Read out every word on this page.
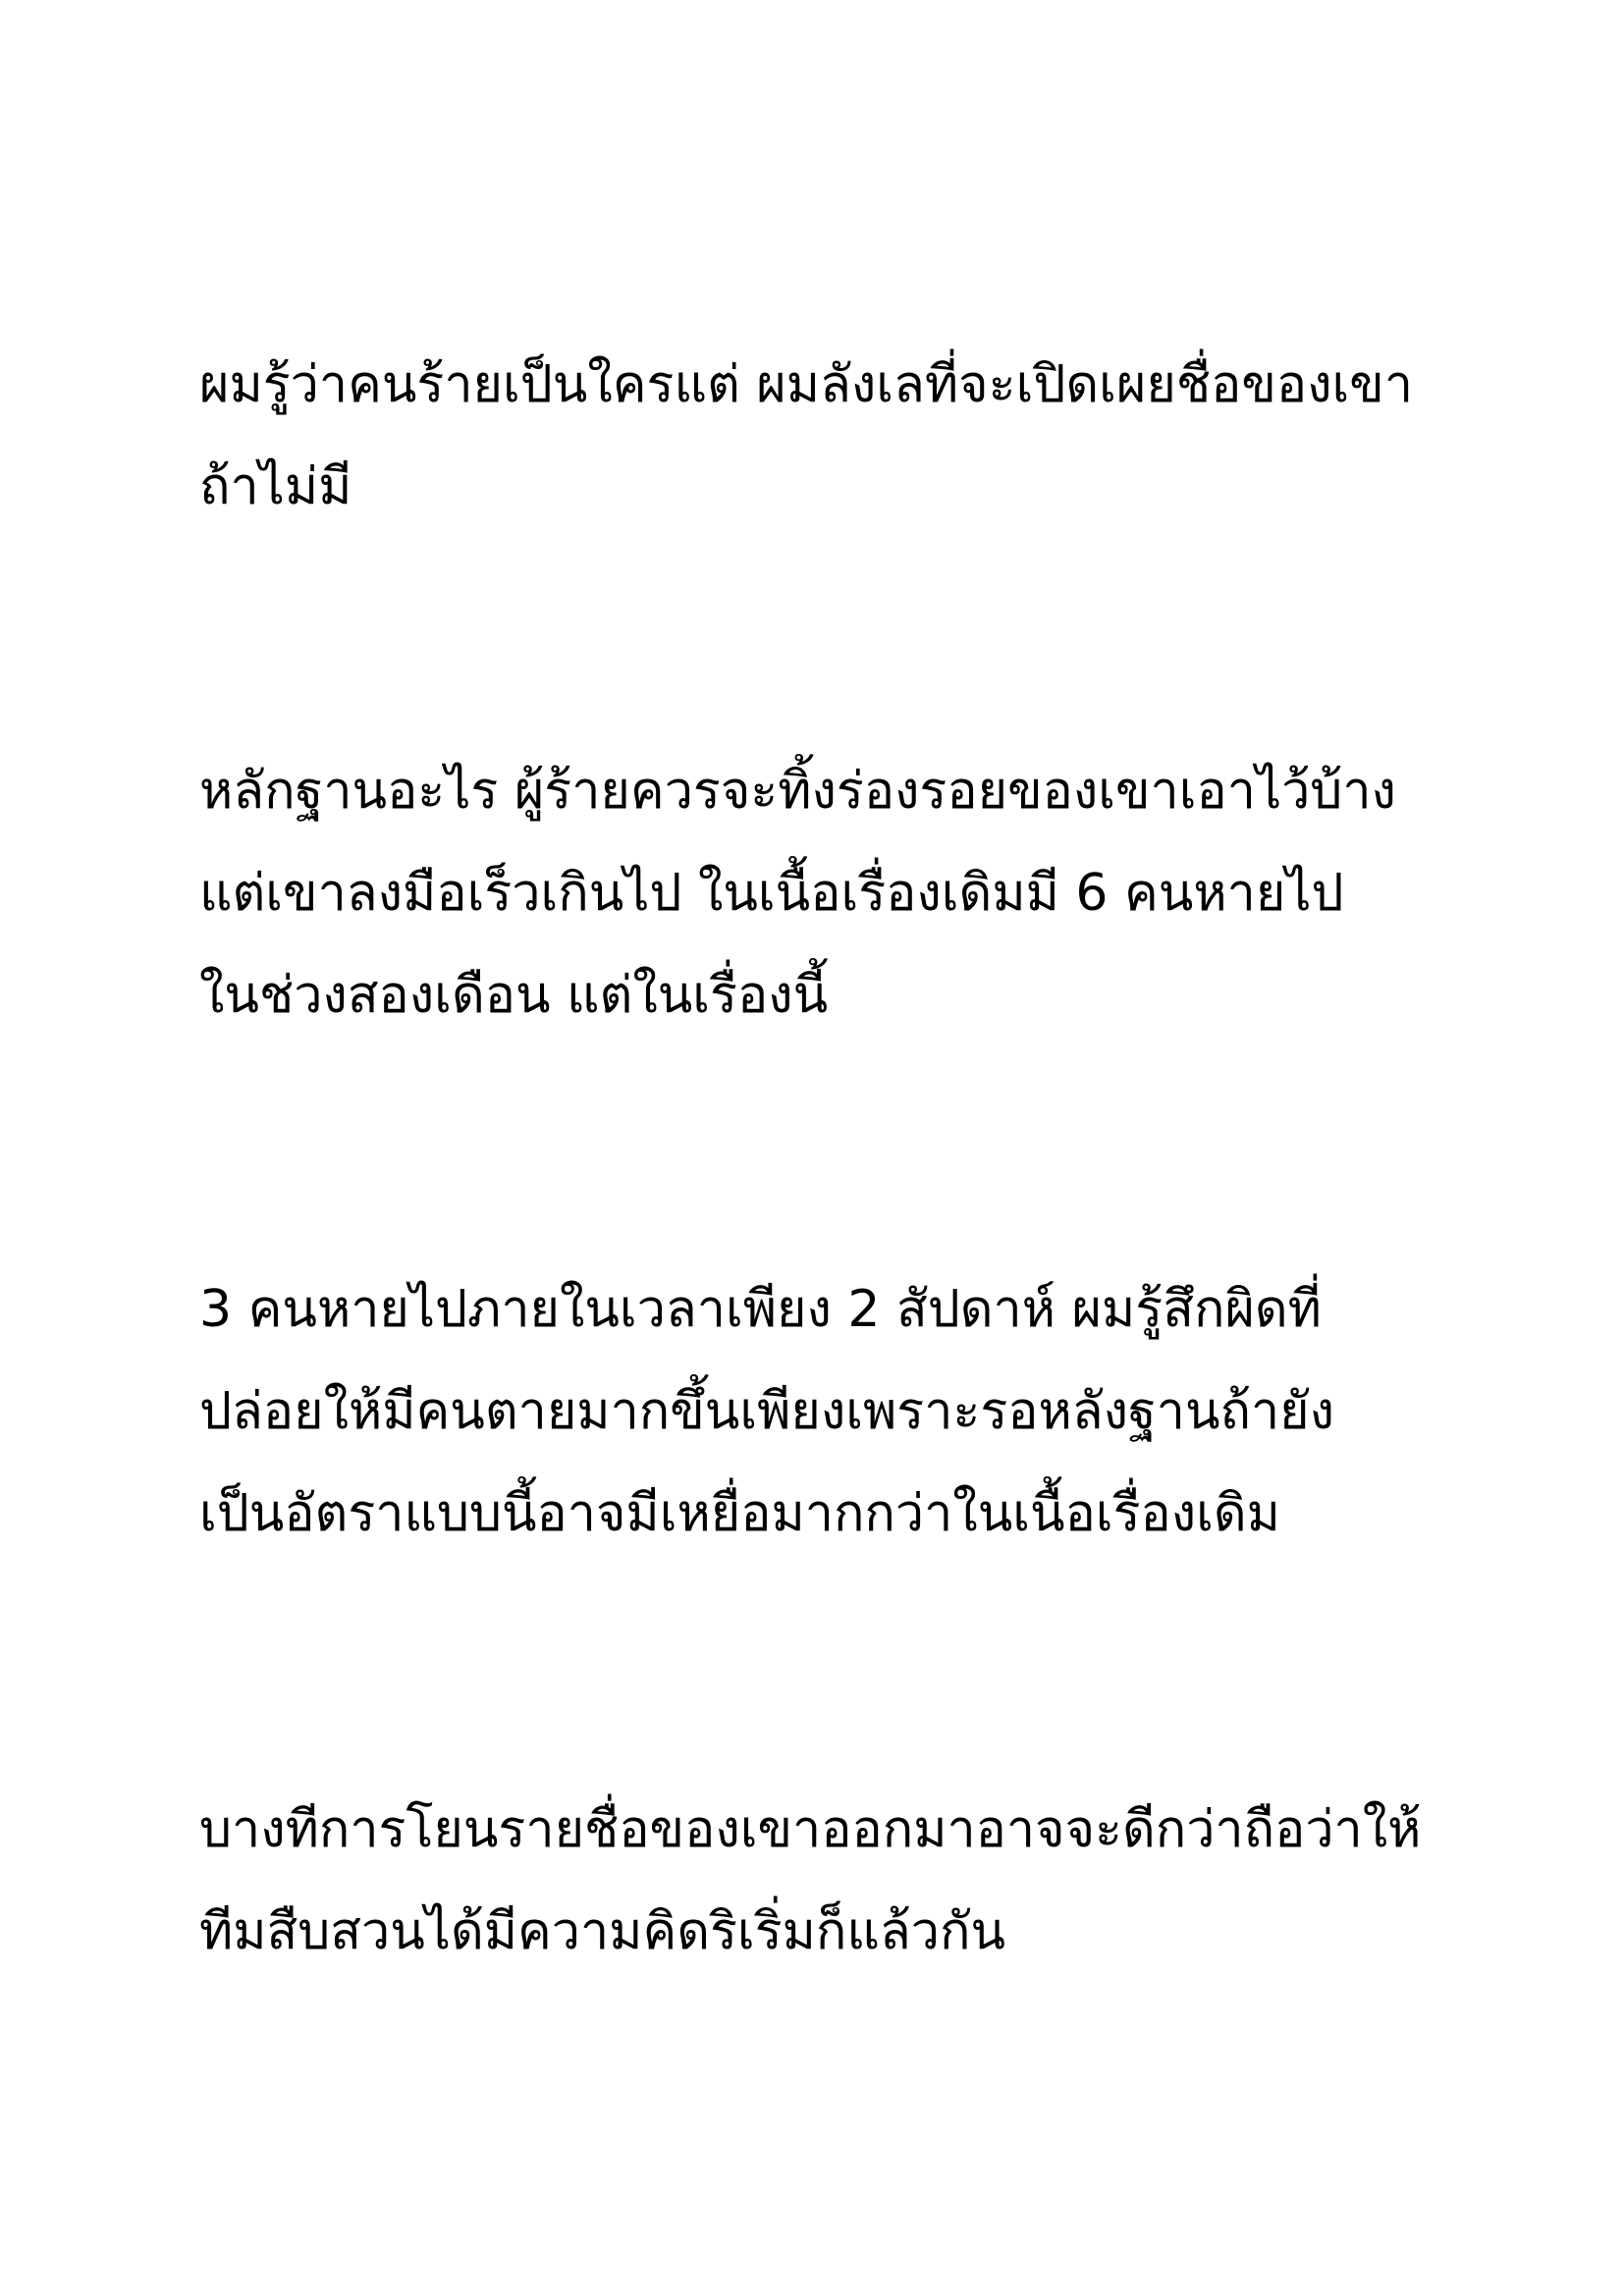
ผมรู้ว่าคนร้ายเป็นใครแต่ ผมลังเลที่จะเปิดเผยชื่อของเขา
ถ้าไม่มี
หลักฐานอะไร ผู้ร้ายควรจะทิ้งร่องรอยของเขาเอาไว้บ้าง
แต่เขาลงมือเร็วเกินไป ในเนื้อเรื่องเดิมมี 6 คนหายไป
ในช่วงสองเดือน แต่ในเรื่องนี้
3 คนหายไปภายในเวลาเพียง 2 สัปดาห์ ผมรู้สึกผิดที่
ปล่อยให้มีคนตายมากขึ้นเพียงเพราะรอหลังฐานถ้ายัง
เป็นอัตราแบบนี้อาจมีเหยื่อมากกว่าในเนื้อเรื่องเดิม
บางทีการโยนรายชื่อของเขาออกมาอาจจะดีกว่าถือว่าให้
ทีมสืบสวนได้มีความคิดริเริ่มก็แล้วกัน
